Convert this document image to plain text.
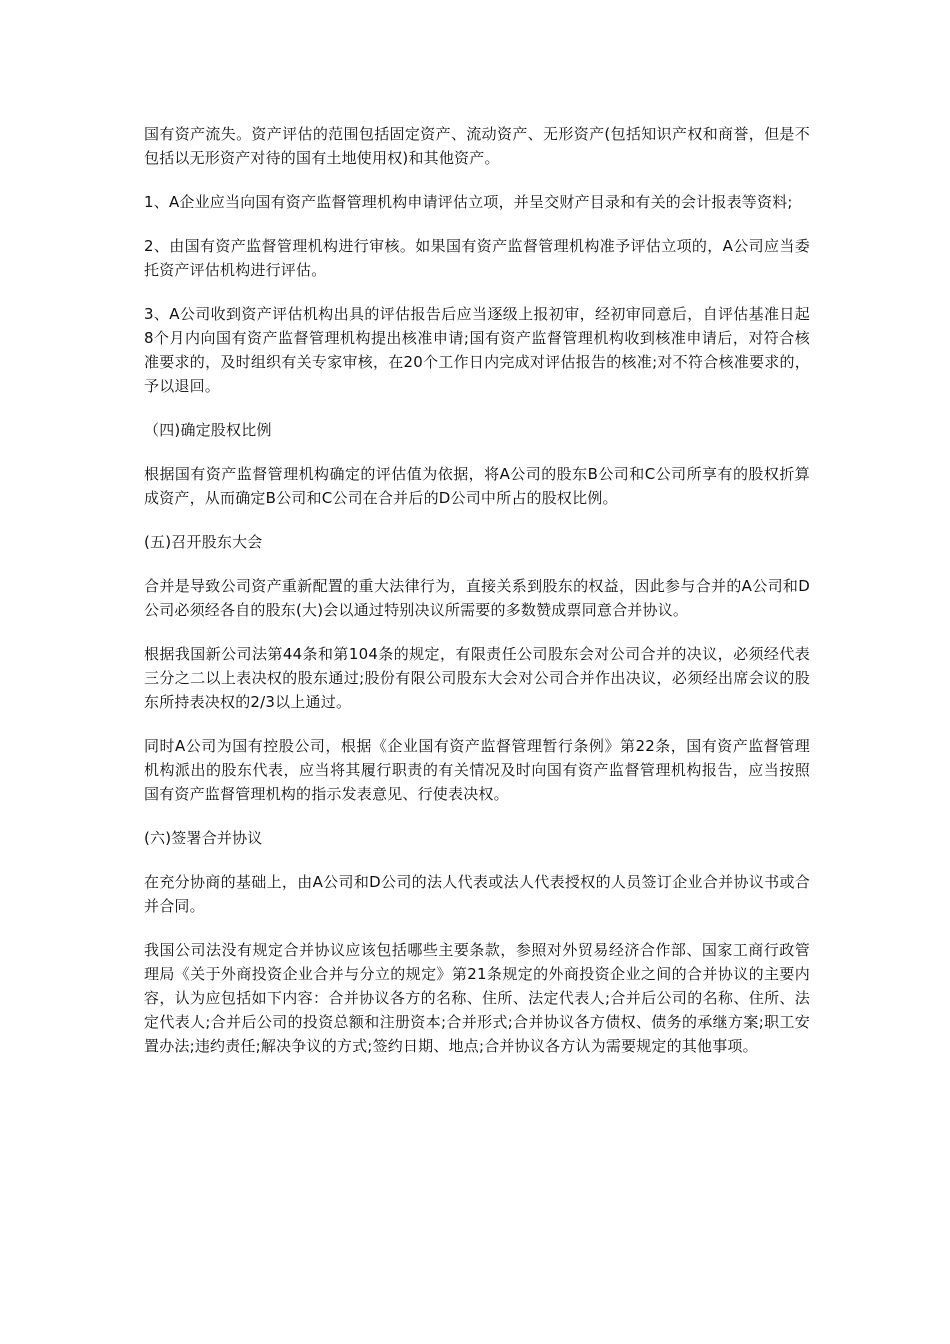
国有资产流失。资产评估的范围包括固定资产、流动资产、无形资产(包括知识产权和商誉，但是不包括以无形资产对待的国有土地使用权)和其他资产。

1、A企业应当向国有资产监督管理机构申请评估立项，并呈交财产目录和有关的会计报表等资料;

2、由国有资产监督管理机构进行审核。如果国有资产监督管理机构准予评估立项的，A公司应当委托资产评估机构进行评估。

3、A公司收到资产评估机构出具的评估报告后应当逐级上报初审，经初审同意后，自评估基准日起8个月内向国有资产监督管理机构提出核准申请;国有资产监督管理机构收到核准申请后，对符合核准要求的，及时组织有关专家审核，在20个工作日内完成对评估报告的核准;对不符合核准要求的，予以退回。

（四)确定股权比例

根据国有资产监督管理机构确定的评估值为依据，将A公司的股东B公司和C公司所享有的股权折算成资产，从而确定B公司和C公司在合并后的D公司中所占的股权比例。

(五)召开股东大会

合并是导致公司资产重新配置的重大法律行为，直接关系到股东的权益，因此参与合并的A公司和D公司必须经各自的股东(大)会以通过特别决议所需要的多数赞成票同意合并协议。

根据我国新公司法第44条和第104条的规定，有限责任公司股东会对公司合并的决议，必须经代表三分之二以上表决权的股东通过;股份有限公司股东大会对公司合并作出决议，必须经出席会议的股东所持表决权的2/3以上通过。

同时A公司为国有控股公司，根据《企业国有资产监督管理暂行条例》第22条，国有资产监督管理机构派出的股东代表，应当将其履行职责的有关情况及时向国有资产监督管理机构报告，应当按照国有资产监督管理机构的指示发表意见、行使表决权。

(六)签署合并协议

在充分协商的基础上，由A公司和D公司的法人代表或法人代表授权的人员签订企业合并协议书或合并合同。

我国公司法没有规定合并协议应该包括哪些主要条款，参照对外贸易经济合作部、国家工商行政管理局《关于外商投资企业合并与分立的规定》第21条规定的外商投资企业之间的合并协议的主要内容，认为应包括如下内容：合并协议各方的名称、住所、法定代表人;合并后公司的名称、住所、法定代表人;合并后公司的投资总额和注册资本;合并形式;合并协议各方债权、债务的承继方案;职工安置办法;违约责任;解决争议的方式;签约日期、地点;合并协议各方认为需要规定的其他事项。
